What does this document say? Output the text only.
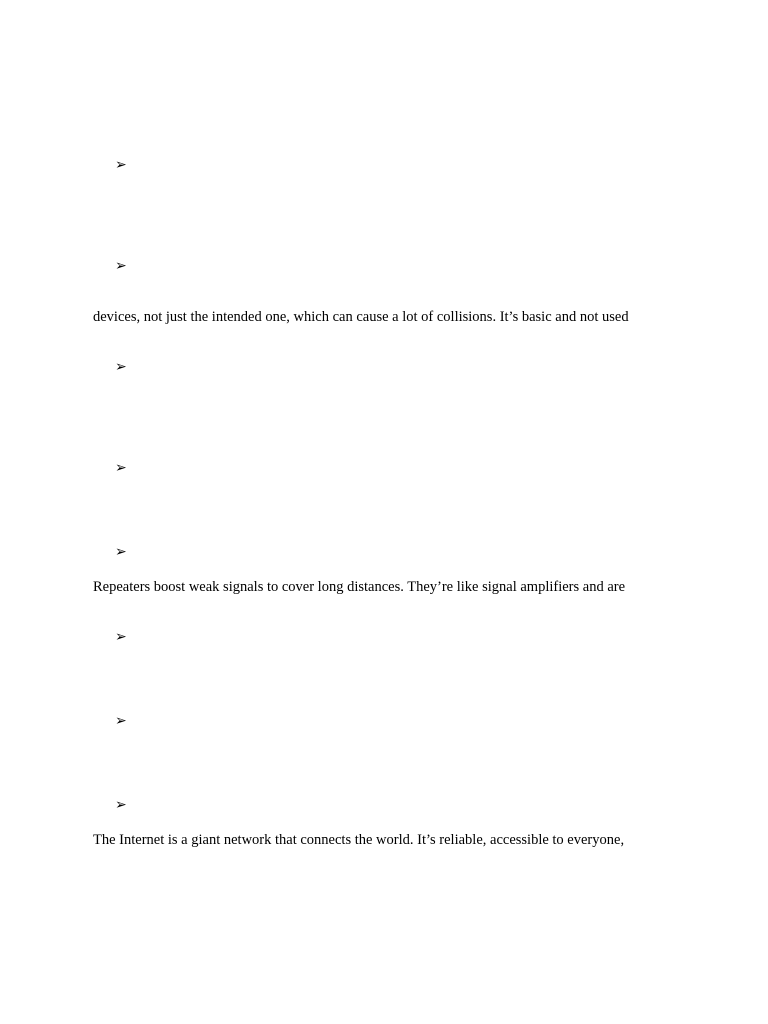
➢
➢
devices, not just the intended one, which can cause a lot of collisions. It’s basic and not used
➢
➢
➢
Repeaters boost weak signals to cover long distances. They’re like signal amplifiers and are
➢
➢
➢
The Internet is a giant network that connects the world. It’s reliable, accessible to everyone,
